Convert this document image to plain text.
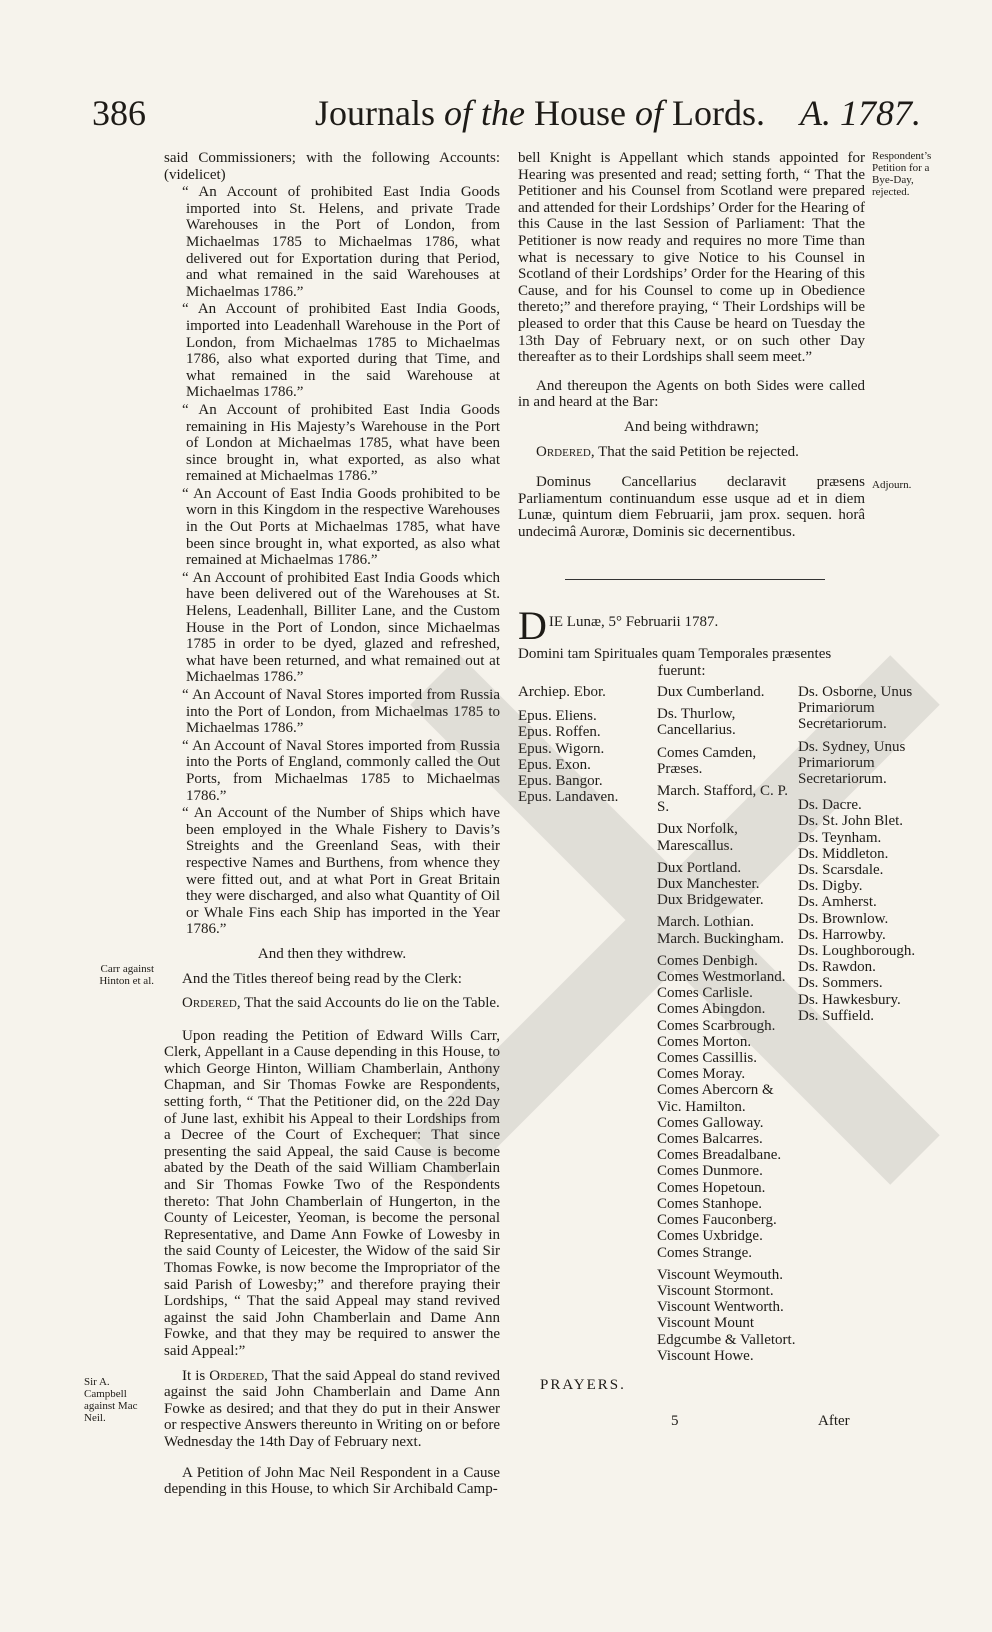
386	Journals of the House of Lords. A. 1787.

said Commissioners; with the following Accounts: (videlicet)

“ An Account of prohibited East India Goods imported into St. Helens, and private Trade Warehouses in the Port of London, from Michaelmas 1785 to Michaelmas 1786, what delivered out for Exportation during that Period, and what remained in the said Warehouses at Michaelmas 1786.”

“ An Account of prohibited East India Goods, imported into Leadenhall Warehouse in the Port of London, from Michaelmas 1785 to Michaelmas 1786, also what exported during that Time, and what remained in the said Warehouse at Michaelmas 1786.”

“ An Account of prohibited East India Goods remaining in His Majesty’s Warehouse in the Port of London at Michaelmas 1785, what have been since brought in, what exported, as also what remained at Michaelmas 1786.”

“ An Account of East India Goods prohibited to be worn in this Kingdom in the respective Warehouses in the Out Ports at Michaelmas 1785, what have been since brought in, what exported, as also what remained at Michaelmas 1786.”

“ An Account of prohibited East India Goods which have been delivered out of the Warehouses at St. Helens, Leadenhall, Billiter Lane, and the Custom House in the Port of London, since Michaelmas 1785 in order to be dyed, glazed and refreshed, what have been returned, and what remained out at Michaelmas 1786.”

“ An Account of Naval Stores imported from Russia into the Port of London, from Michaelmas 1785 to Michaelmas 1786.”

“ An Account of Naval Stores imported from Russia into the Ports of England, commonly called the Out Ports, from Michaelmas 1785 to Michaelmas 1786.”

“ An Account of the Number of Ships which have been employed in the Whale Fishery to Davis’s Streights and the Greenland Seas, with their respective Names and Burthens, from whence they were fitted out, and at what Port in Great Britain they were discharged, and also what Quantity of Oil or Whale Fins each Ship has imported in the Year 1786.”

And then they withdrew.

And the Titles thereof being read by the Clerk:

Ordered, That the said Accounts do lie on the Table.

Upon reading the Petition of Edward Wills Carr, Clerk, Appellant in a Cause depending in this House, to which George Hinton, William Chamberlain, Anthony Chapman, and Sir Thomas Fowke are Respondents, setting forth, “ That the Petitioner did, on the 22d Day of June last, exhibit his Appeal to their Lordships from a Decree of the Court of Exchequer: That since presenting the said Appeal, the said Cause is become abated by the Death of the said William Chamberlain and Sir Thomas Fowke Two of the Respondents thereto: That John Chamberlain of Hungerton, in the County of Leicester, Yeoman, is become the personal Representative, and Dame Ann Fowke of Lowesby in the said County of Leicester, the Widow of the said Sir Thomas Fowke, is now become the Impropriator of the said Parish of Lowesby;” and therefore praying their Lordships, “ That the said Appeal may stand revived against the said John Chamberlain and Dame Ann Fowke, and that they may be required to answer the said Appeal:”

It is Ordered, That the said Appeal do stand revived against the said John Chamberlain and Dame Ann Fowke as desired; and that they do put in their Answer or respective Answers thereunto in Writing on or before Wednesday the 14th Day of February next.

A Petition of John Mac Neil Respondent in a Cause depending in this House, to which Sir Archibald Camp-

Carr against Hinton et al.
Sir A. Campbell against Mac Neil.

bell Knight is Appellant which stands appointed for Hearing was presented and read; setting forth, “ That the Petitioner and his Counsel from Scotland were prepared and attended for their Lordships’ Order for the Hearing of this Cause in the last Session of Parliament: That the Petitioner is now ready and requires no more Time than what is necessary to give Notice to his Counsel in Scotland of their Lordships’ Order for the Hearing of this Cause, and for his Counsel to come up in Obedience thereto;” and therefore praying, “ Their Lordships will be pleased to order that this Cause be heard on Tuesday the 13th Day of February next, or on such other Day thereafter as to their Lordships shall seem meet.”

And thereupon the Agents on both Sides were called in and heard at the Bar:

And being withdrawn;

Ordered, That the said Petition be rejected.

Dominus Cancellarius declaravit præsens Parliamentum continuandum esse usque ad et in diem Lunæ, quintum diem Februarii, jam prox. sequen. horâ undecimâ Auroræ, Dominis sic decernentibus.

Respondent’s Petition for a Bye-Day, rejected.
Adjourn.
D IE Lunæ, 5° Februarii 1787.
Domini tam Spirituales quam Temporales præsentes
fuerunt:
Archiep. Ebor.
Epus. Eliens.
Epus. Roffen.
Epus. Wigorn.
Epus. Exon.
Epus. Bangor.
Epus. Landaven.
Dux Cumberland.
Ds. Thurlow, Cancellarius.
Comes Camden, Præses.
March. Stafford, C. P. S.
Dux Norfolk, Marescallus.
Dux Portland.
Dux Manchester.
Dux Bridgewater.
March. Lothian.
March. Buckingham.
Comes Denbigh.
Comes Westmorland.
Comes Carlisle.
Comes Abingdon.
Comes Scarbrough.
Comes Morton.
Comes Cassillis.
Comes Moray.
Comes Abercorn & Vic. Hamilton.
Comes Galloway.
Comes Balcarres.
Comes Breadalbane.
Comes Dunmore.
Comes Hopetoun.
Comes Stanhope.
Comes Fauconberg.
Comes Uxbridge.
Comes Strange.
Viscount Weymouth.
Viscount Stormont.
Viscount Wentworth.
Viscount Mount Edgcumbe & Valletort.
Viscount Howe.
Ds. Osborne, Unus Primariorum Secretariorum.
Ds. Sydney, Unus Primariorum Secretariorum.
Ds. Dacre.
Ds. St. John Blet.
Ds. Teynham.
Ds. Middleton.
Ds. Scarsdale.
Ds. Digby.
Ds. Amherst.
Ds. Brownlow.
Ds. Harrowby.
Ds. Loughborough.
Ds. Rawdon.
Ds. Sommers.
Ds. Hawkesbury.
Ds. Suffield.
PRAYERS.
5	After
